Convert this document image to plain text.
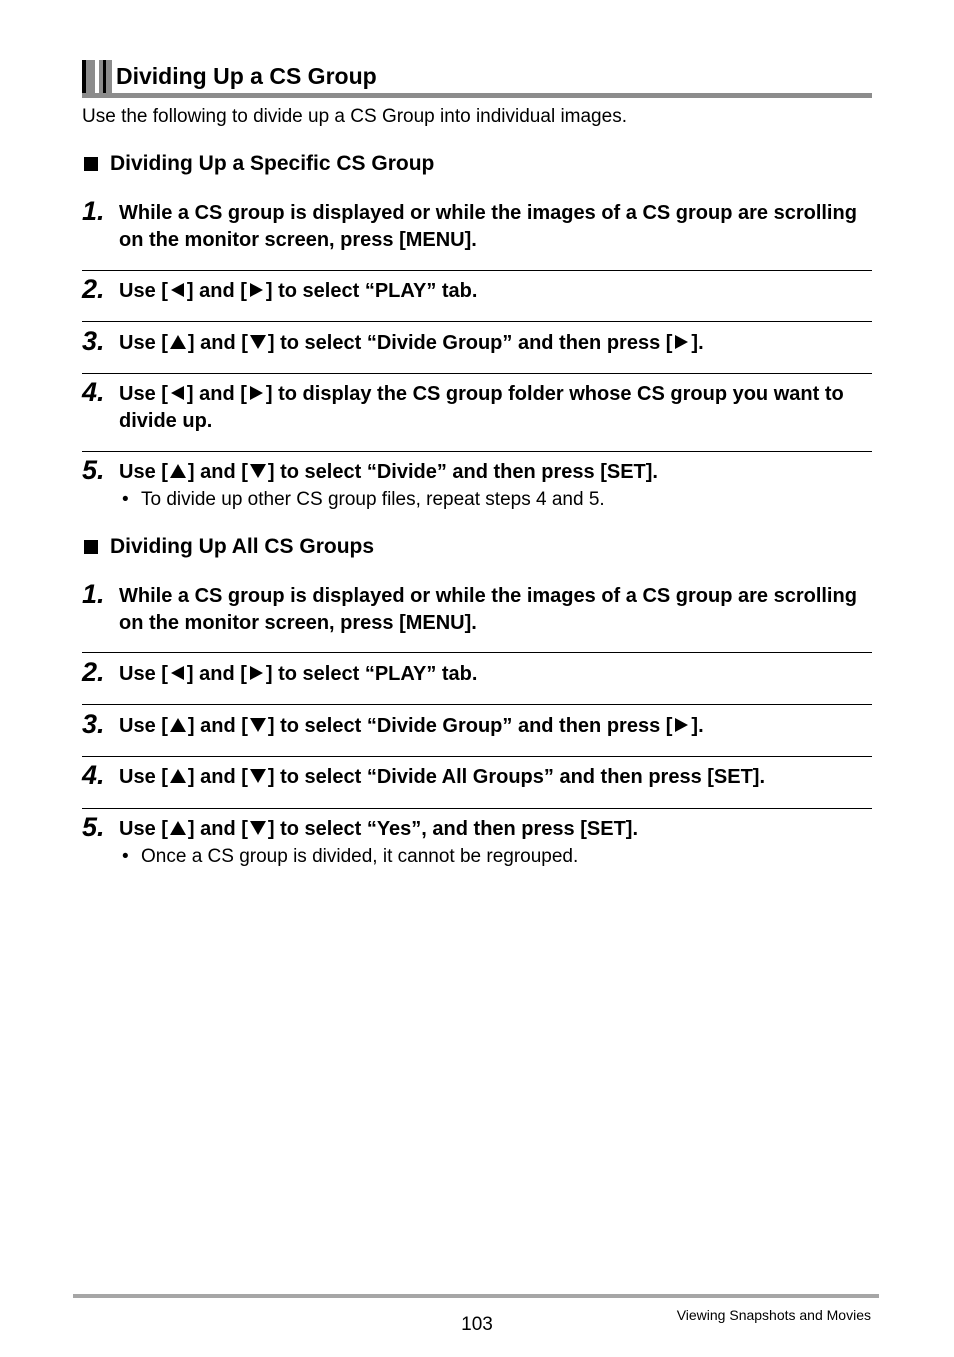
Dividing Up a CS Group
Use the following to divide up a CS Group into individual images.
Dividing Up a Specific CS Group
1. While a CS group is displayed or while the images of a CS group are scrolling on the monitor screen, press [MENU].
2. Use [ ] and [ ] to select “PLAY” tab.
3. Use [ ] and [ ] to select “Divide Group” and then press [ ].
4. Use [ ] and [ ] to display the CS group folder whose CS group you want to divide up.
5. Use [ ] and [ ] to select “Divide” and then press [SET].
• To divide up other CS group files, repeat steps 4 and 5.
Dividing Up All CS Groups
1. While a CS group is displayed or while the images of a CS group are scrolling on the monitor screen, press [MENU].
2. Use [ ] and [ ] to select “PLAY” tab.
3. Use [ ] and [ ] to select “Divide Group” and then press [ ].
4. Use [ ] and [ ] to select “Divide All Groups” and then press [SET].
5. Use [ ] and [ ] to select “Yes”, and then press [SET].
• Once a CS group is divided, it cannot be regrouped.
103	Viewing Snapshots and Movies
